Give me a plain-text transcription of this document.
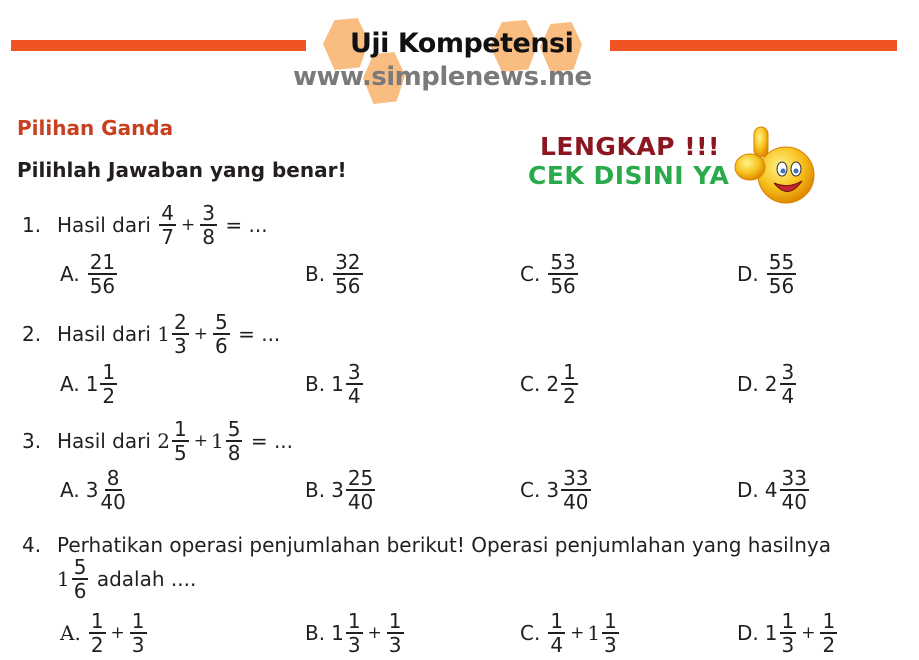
Uji Kompetensi
www.simplenews.me
Pilihan Ganda
Pilihlah Jawaban yang benar!
LENGKAP !!!
CEK DISINI YA
1. Hasil dari
$\frac{4}{7} + \frac{3}{8}$
= ...
A. $\frac{21}{56}$	B. $\frac{32}{56}$	C. $\frac{53}{56}$	D. $\frac{55}{56}$
2. Hasil dari
$1 \frac{2}{3} + \frac{5}{6}$
= ...
A. $1 \frac{1}{2}$	B. $1 \frac{3}{4}$	C. $2 \frac{1}{2}$	D. $2 \frac{3}{4}$
3. Hasil dari
$2 \frac{1}{5} + 1 \frac{5}{8}$
= ...
A. $3 \frac{8}{40}$	B. $3 \frac{25}{40}$	C. $3 \frac{33}{40}$	D. $4 \frac{33}{40}$
4. Perhatikan operasi penjumlahan berikut! Operasi penjumlahan yang hasilnya
$1 \frac{5}{6}$
adalah ....
A. $\frac{1}{2} + \frac{1}{3}$	B. $1 \frac{1}{3} + \frac{1}{3}$	C. $\frac{1}{4} + 1 \frac{1}{3}$	D. $1 \frac{1}{3} + \frac{1}{2}$
